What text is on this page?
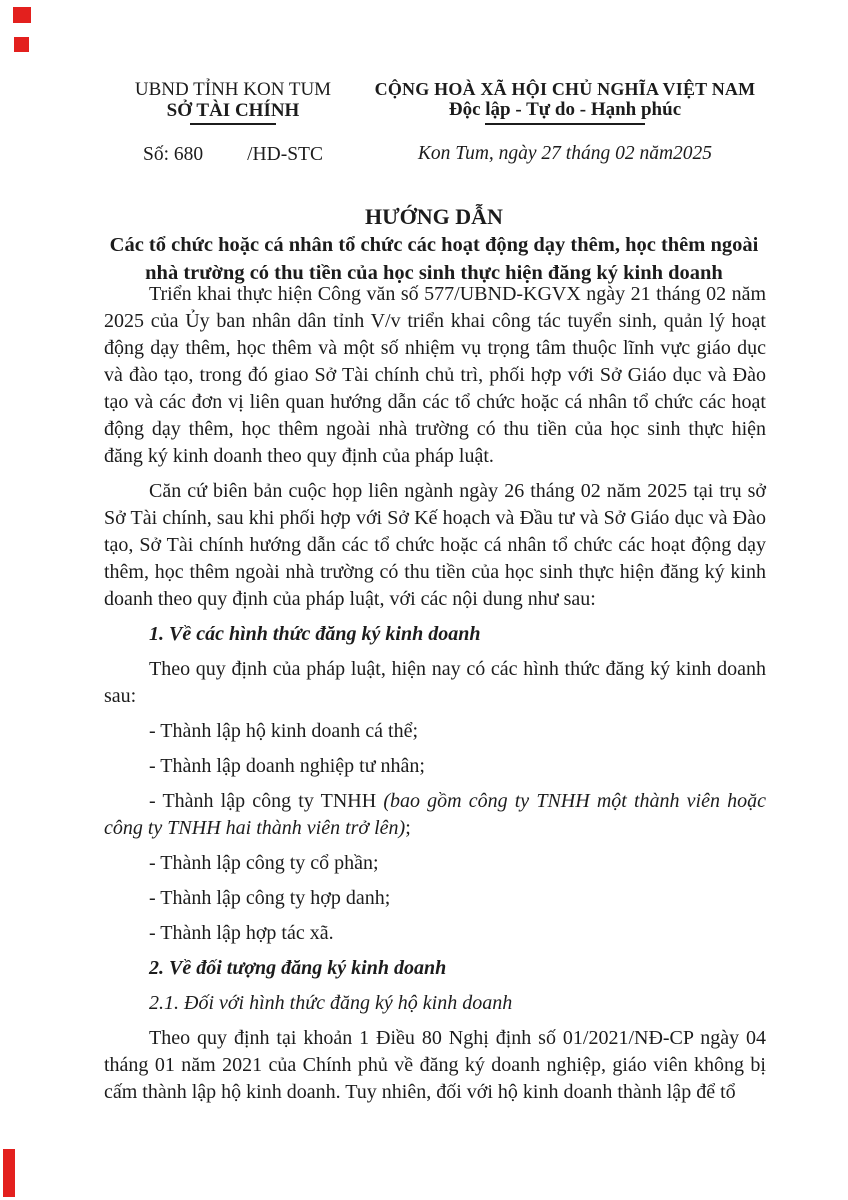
UBND TỈNH KON TUM
SỞ TÀI CHÍNH
Số: 680 /HD-STC
CỘNG HOÀ XÃ HỘI CHỦ NGHĨA VIỆT NAM
Độc lập - Tự do - Hạnh phúc
Kon Tum, ngày 27 tháng 02 năm2025
HƯỚNG DẪN
Các tổ chức hoặc cá nhân tổ chức các hoạt động dạy thêm, học thêm ngoài
nhà trường có thu tiền của học sinh thực hiện đăng ký kinh doanh

Triển khai thực hiện Công văn số 577/UBND-KGVX ngày 21 tháng 02 năm 2025 của Ủy ban nhân dân tỉnh V/v triển khai công tác tuyển sinh, quản lý hoạt động dạy thêm, học thêm và một số nhiệm vụ trọng tâm thuộc lĩnh vực giáo dục và đào tạo, trong đó giao Sở Tài chính chủ trì, phối hợp với Sở Giáo dục và Đào tạo và các đơn vị liên quan hướng dẫn các tổ chức hoặc cá nhân tổ chức các hoạt động dạy thêm, học thêm ngoài nhà trường có thu tiền của học sinh thực hiện đăng ký kinh doanh theo quy định của pháp luật.

Căn cứ biên bản cuộc họp liên ngành ngày 26 tháng 02 năm 2025 tại trụ sở Sở Tài chính, sau khi phối hợp với Sở Kế hoạch và Đầu tư và Sở Giáo dục và Đào tạo, Sở Tài chính hướng dẫn các tổ chức hoặc cá nhân tổ chức các hoạt động dạy thêm, học thêm ngoài nhà trường có thu tiền của học sinh thực hiện đăng ký kinh doanh theo quy định của pháp luật, với các nội dung như sau:

1. Về các hình thức đăng ký kinh doanh

Theo quy định của pháp luật, hiện nay có các hình thức đăng ký kinh doanh sau:

- Thành lập hộ kinh doanh cá thể;

- Thành lập doanh nghiệp tư nhân;

- Thành lập công ty TNHH (bao gồm công ty TNHH một thành viên hoặc công ty TNHH hai thành viên trở lên);

- Thành lập công ty cổ phần;

- Thành lập công ty hợp danh;

- Thành lập hợp tác xã.

2. Về đối tượng đăng ký kinh doanh

2.1. Đối với hình thức đăng ký hộ kinh doanh

Theo quy định tại khoản 1 Điều 80 Nghị định số 01/2021/NĐ-CP ngày 04 tháng 01 năm 2021 của Chính phủ về đăng ký doanh nghiệp, giáo viên không bị cấm thành lập hộ kinh doanh. Tuy nhiên, đối với hộ kinh doanh thành lập để tổ
